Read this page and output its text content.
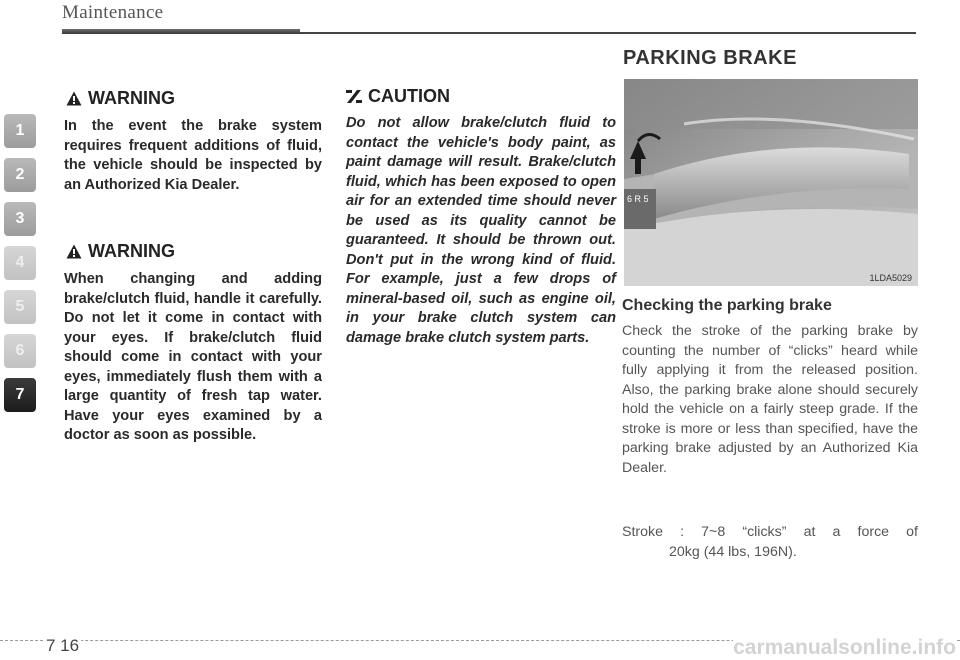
Maintenance
1
2
3
4
5
6
7
WARNING
In the event the brake system requires frequent additions of fluid, the vehicle should be inspected by an Authorized Kia Dealer.
WARNING
When changing and adding brake/clutch fluid, handle it carefully. Do not let it come in contact with your eyes. If brake/clutch fluid should come in contact with your eyes, immediately flush them with a large quantity of fresh tap water. Have your eyes examined by a doctor as soon as possible.
CAUTION
Do not allow brake/clutch fluid to contact the vehicle's body paint, as paint damage will result. Brake/clutch fluid, which has been exposed to open air for an extended time should never be used as its quality cannot be guaranteed. It should be thrown out. Don't put in the wrong kind of fluid. For example, just a few drops of mineral-based oil, such as engine oil, in your brake clutch system can damage brake clutch system parts.
PARKING BRAKE
6 R 5
1LDA5029
Checking the parking brake
Check the stroke of the parking brake by counting the number of “clicks” heard while fully applying it from the released position. Also, the parking brake alone should securely hold the vehicle on a fairly steep grade. If the stroke is more or less than specified, have the parking brake adjusted by an Authorized Kia Dealer.
Stroke : 7~8 “clicks” at a force of
20kg (44 lbs, 196N).
7 16	carmanualsonline.info
